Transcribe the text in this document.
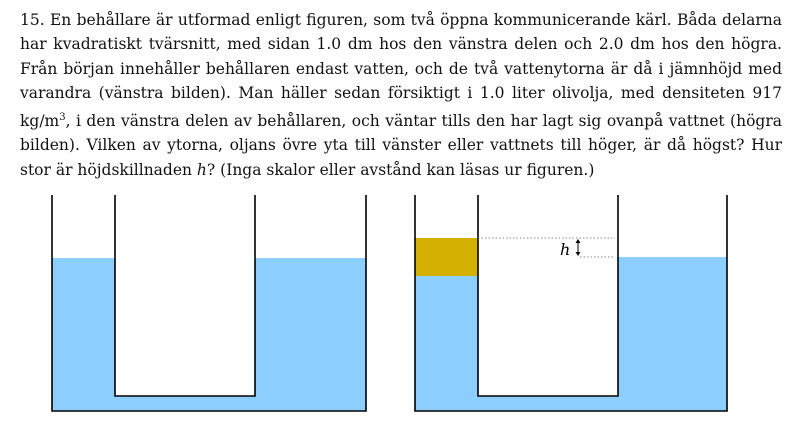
15. En behållare är utformad enligt figuren, som två öppna kommunicerande kärl. Båda delarna har kvadratiskt tvärsnitt, med sidan 1.0 dm hos den vänstra delen och 2.0 dm hos den högra. Från början innehåller behållaren endast vatten, och de två vattenytorna är då i jämnhöjd med varandra (vänstra bilden). Man häller sedan försiktigt i 1.0 liter olivolja, med densiteten 917 $kg/m^3$, i den vänstra delen av behållaren, och väntar tills den har lagt sig ovanpå vattnet (högra bilden). Vilken av ytorna, oljans övre yta till vänster eller vattnets till höger, är då högst? Hur stor är höjdskillnaden h? (Inga skalor eller avstånd kan läsas ur figuren.)

h
